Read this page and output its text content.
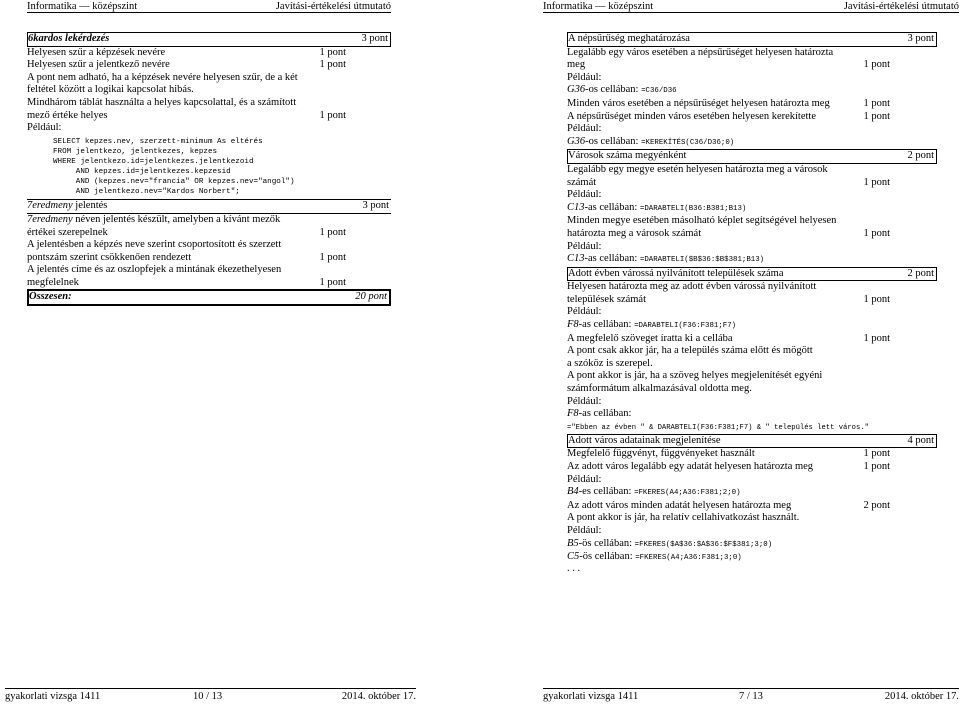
Informatika — középszint	Javítási-értékelési útmutató
6kardos lekérdezés	3 pont
Helyesen szűr a képzések nevére	1 pont
Helyesen szűr a jelentkező nevére	1 pont
A pont nem adható, ha a képzések nevére helyesen szűr, de a két
feltétel között a logikai kapcsolat hibás.
Mindhárom táblát használta a helyes kapcsolattal, és a számított
mező értéke helyes	1 pont
Például:
SELECT kepzes.nev, szerzett-minimum As eltérés
FROM jelentkezo, jelentkezes, kepzes
WHERE jelentkezo.id=jelentkezes.jelentkezoid
AND kepzes.id=jelentkezes.kepzesid
AND (kepzes.nev="francia" OR kepzes.nev="angol")
AND jelentkezo.nev="Kardos Norbert";
7eredmeny jelentés	3 pont
7eredmeny néven jelentés készült, amelyben a kívánt mezők
értékei szerepelnek	1 pont
A jelentésben a képzés neve szerint csoportosított és szerzett
pontszám szerint csökkenően rendezett	1 pont
A jelentés címe és az oszlopfejek a mintának ékezethelyesen
megfelelnek	1 pont
Összesen:	20 pont
gyakorlati vizsga 1411	10 / 13	2014. október 17.
Informatika — középszint	Javítási-értékelési útmutató
A népsűrűség meghatározása	3 pont
Legalább egy város esetében a népsűrűséget helyesen határozta
meg	1 pont
Például:
G36-os cellában: =C36/D36
Minden város esetében a népsűrűséget helyesen határozta meg	1 pont
A népsűrűséget minden város esetében helyesen kerekítette	1 pont
Például:
G36-os cellában: =KEREKÍTÉS(C36/D36;0)
Városok száma megyénként	2 pont
Legalább egy megye esetén helyesen határozta meg a városok
számát	1 pont
Például:
C13-as cellában: =DARABTELI(B36:B381;B13)
Minden megye esetében másolható képlet segítségével helyesen
határozta meg a városok számát	1 pont
Például:
C13-as cellában: =DARABTELI($B$36:$B$381;B13)
Adott évben várossá nyilvánított települések száma	2 pont
Helyesen határozta meg az adott évben várossá nyilvánított
települések számát	1 pont
Például:
F8-as cellában: =DARABTELI(F36:F381;F7)
A megfelelő szöveget íratta ki a cellába	1 pont
A pont csak akkor jár, ha a település száma előtt és mögött
a szóköz is szerepel.
A pont akkor is jár, ha a szöveg helyes megjelenítését egyéni
számformátum alkalmazásával oldotta meg.
Például:
F8-as cellában:
="Ebben az évben " & DARABTELI(F36:F381;F7) & " település lett város."
Adott város adatainak megjelenítése	4 pont
Megfelelő függvényt, függvényeket használt	1 pont
Az adott város legalább egy adatát helyesen határozta meg	1 pont
Például:
B4-es cellában: =FKERES(A4;A36:F381;2;0)
Az adott város minden adatát helyesen határozta meg	2 pont
A pont akkor is jár, ha relatív cellahivatkozást használt.
Például:
B5-ös cellában: =FKERES($A$36:$A$36:$F$381;3;0)
C5-ös cellában: =FKERES(A4;A36:F381;3;0)
. . .
gyakorlati vizsga 1411	7 / 13	2014. október 17.
